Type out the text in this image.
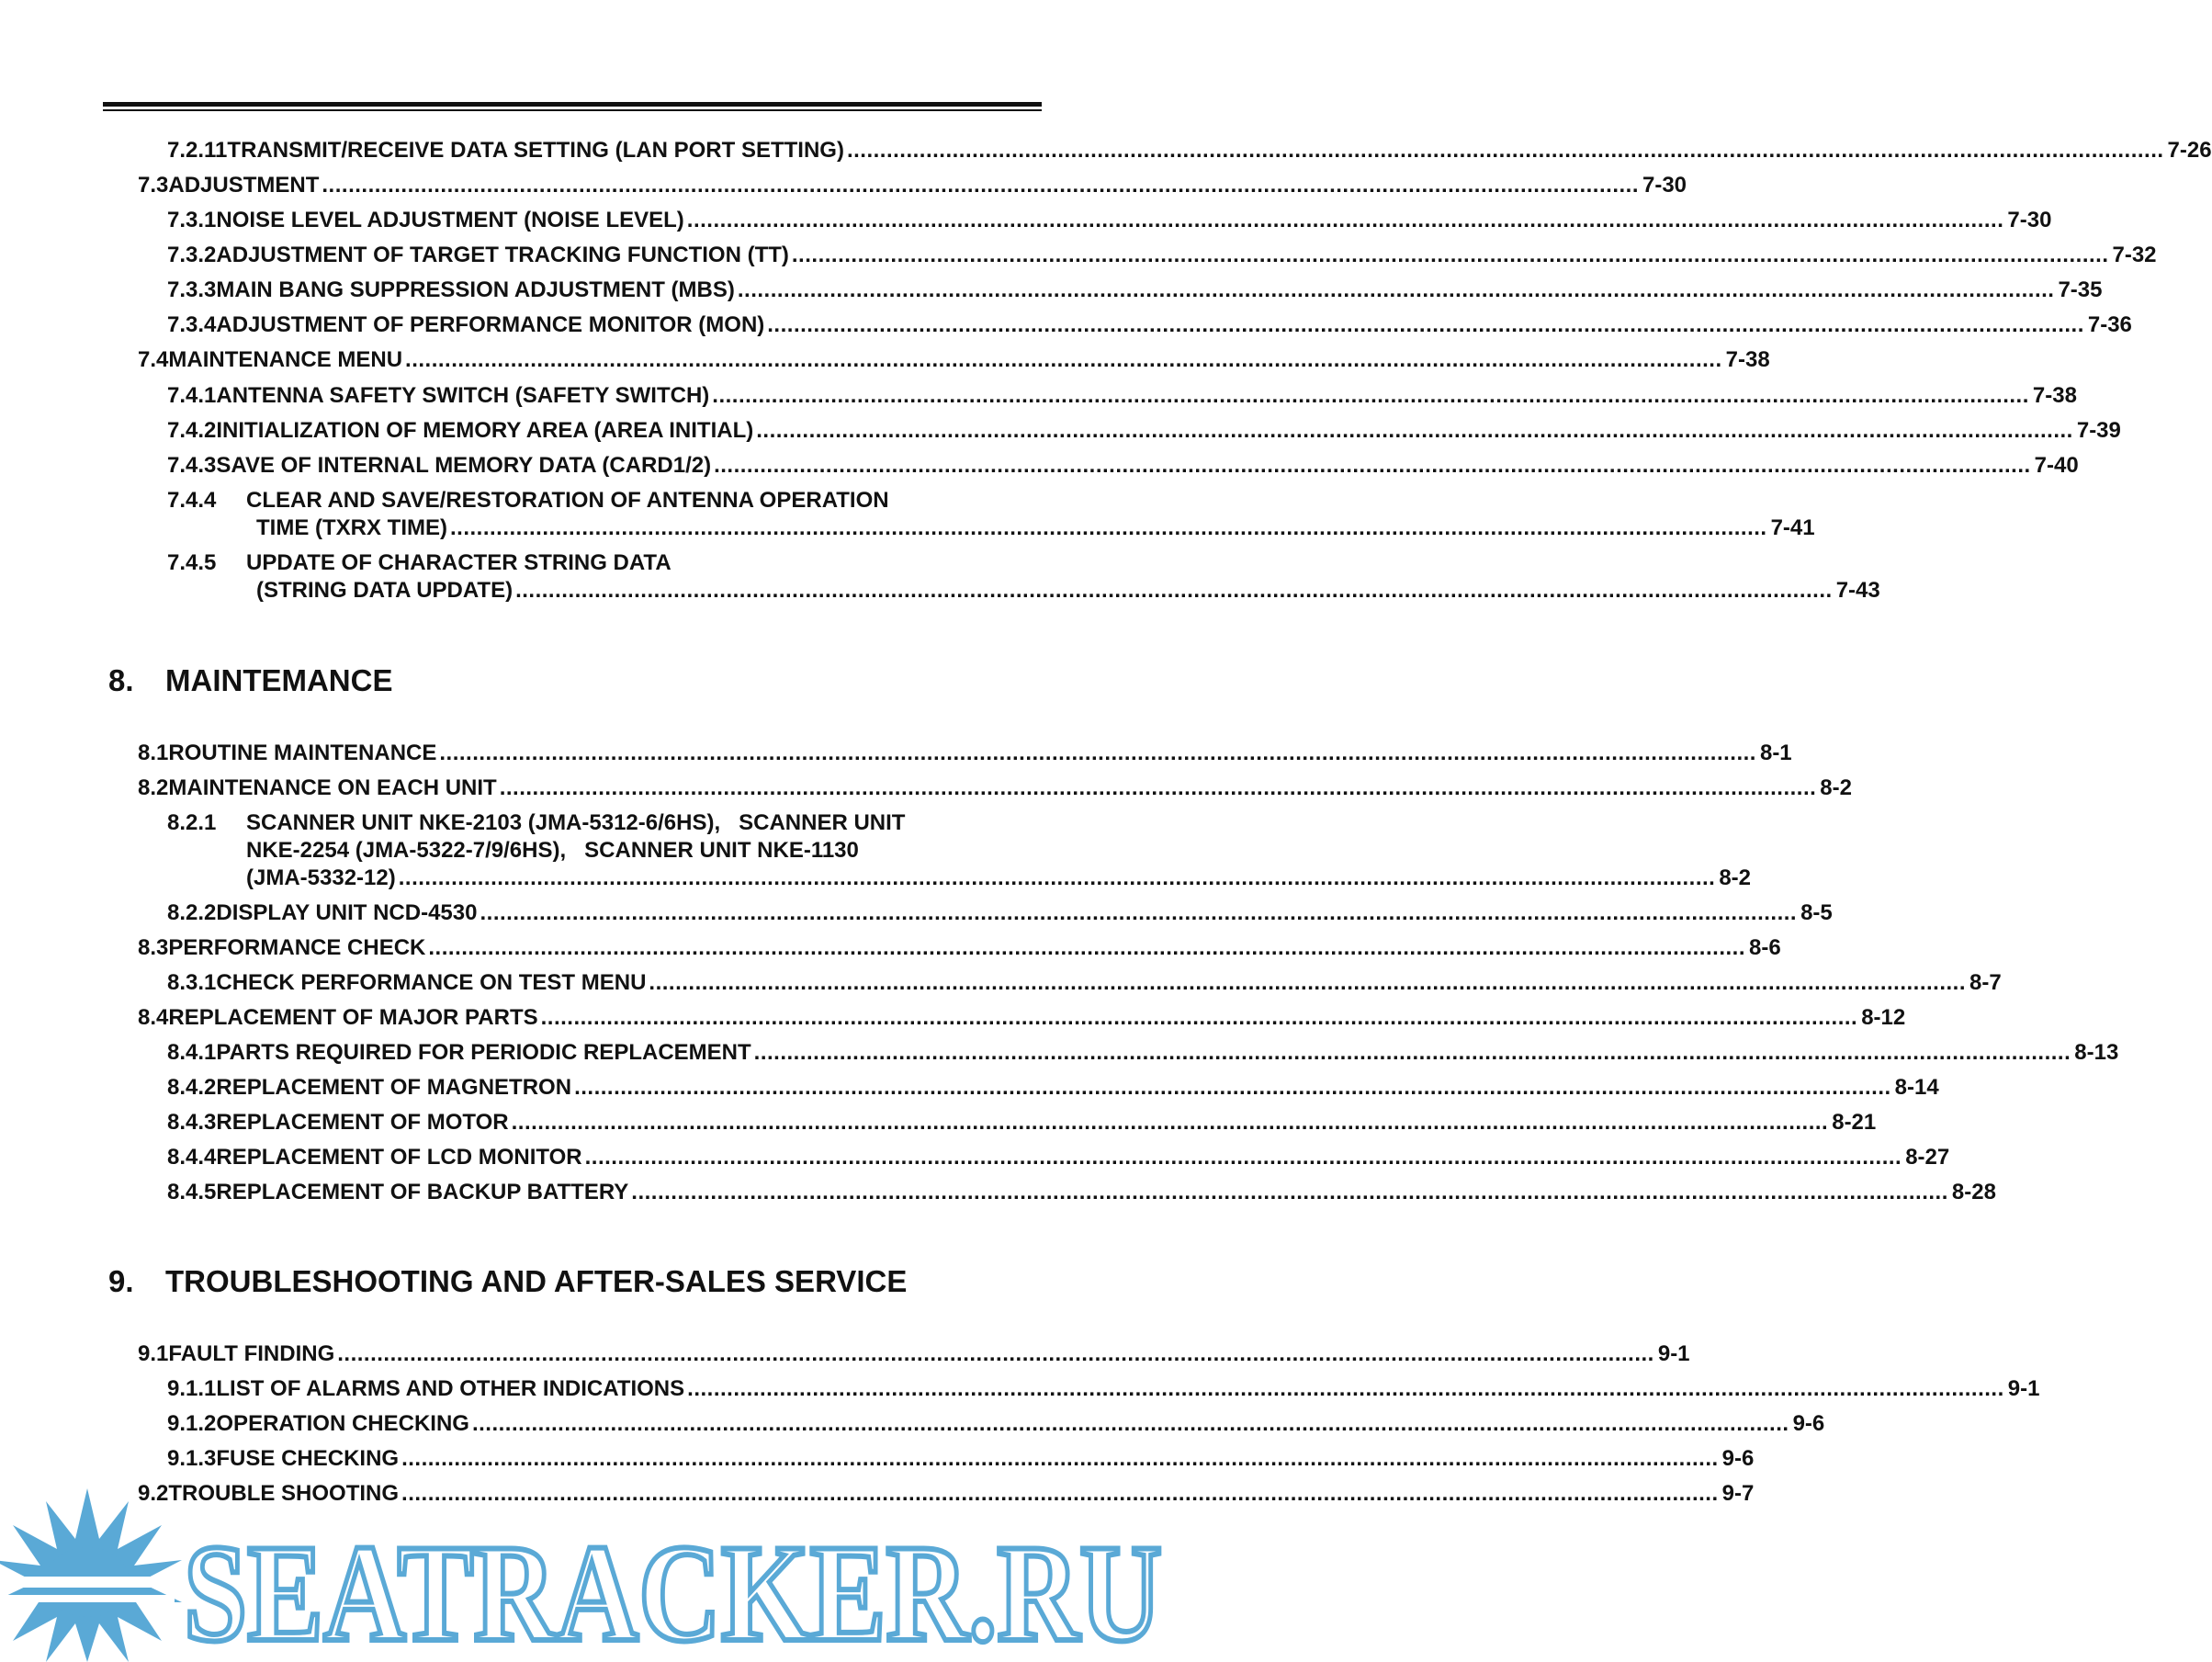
7.2.11 TRANSMIT/RECEIVE DATA SETTING (LAN PORT SETTING) .....	7-26
7.3 ADJUSTMENT .....	7-30
7.3.1 NOISE LEVEL ADJUSTMENT (NOISE LEVEL) .....	7-30
7.3.2 ADJUSTMENT OF TARGET TRACKING FUNCTION (TT) .....	7-32
7.3.3 MAIN BANG SUPPRESSION ADJUSTMENT (MBS) .....	7-35
7.3.4 ADJUSTMENT OF PERFORMANCE MONITOR (MON) .....	7-36
7.4 MAINTENANCE MENU .....	7-38
7.4.1 ANTENNA SAFETY SWITCH (SAFETY SWITCH) .....	7-38
7.4.2 INITIALIZATION OF MEMORY AREA (AREA INITIAL) .....	7-39
7.4.3 SAVE OF INTERNAL MEMORY DATA (CARD1/2) .....	7-40
7.4.4 CLEAR AND SAVE/RESTORATION OF ANTENNA OPERATION
TIME (TXRX TIME) .....	7-41
7.4.5 UPDATE OF CHARACTER STRING DATA
(STRING DATA UPDATE) .....	7-43
8. MAINTEMANCE
8.1 ROUTINE MAINTENANCE .....	8-1
8.2 MAINTENANCE ON EACH UNIT .....	8-2
8.2.1 SCANNER UNIT NKE-2103 (JMA-5312-6/6HS),   SCANNER UNIT
NKE-2254 (JMA-5322-7/9/6HS),   SCANNER UNIT NKE-1130
(JMA-5332-12) .....	8-2
8.2.2 DISPLAY UNIT NCD-4530 .....	8-5
8.3 PERFORMANCE CHECK .....	8-6
8.3.1 CHECK PERFORMANCE ON TEST MENU .....	8-7
8.4 REPLACEMENT OF MAJOR PARTS .....	8-12
8.4.1 PARTS REQUIRED FOR PERIODIC REPLACEMENT .....	8-13
8.4.2 REPLACEMENT OF MAGNETRON .....	8-14
8.4.3 REPLACEMENT OF MOTOR .....	8-21
8.4.4 REPLACEMENT OF LCD MONITOR .....	8-27
8.4.5 REPLACEMENT OF BACKUP BATTERY .....	8-28
9. TROUBLESHOOTING AND AFTER-SALES SERVICE
9.1 FAULT FINDING .....	9-1
9.1.1 LIST OF ALARMS AND OTHER INDICATIONS .....	9-1
9.1.2 OPERATION CHECKING .....	9-6
9.1.3 FUSE CHECKING .....	9-6
9.2 TROUBLE SHOOTING .....	9-7
SEATRACKER.RU
